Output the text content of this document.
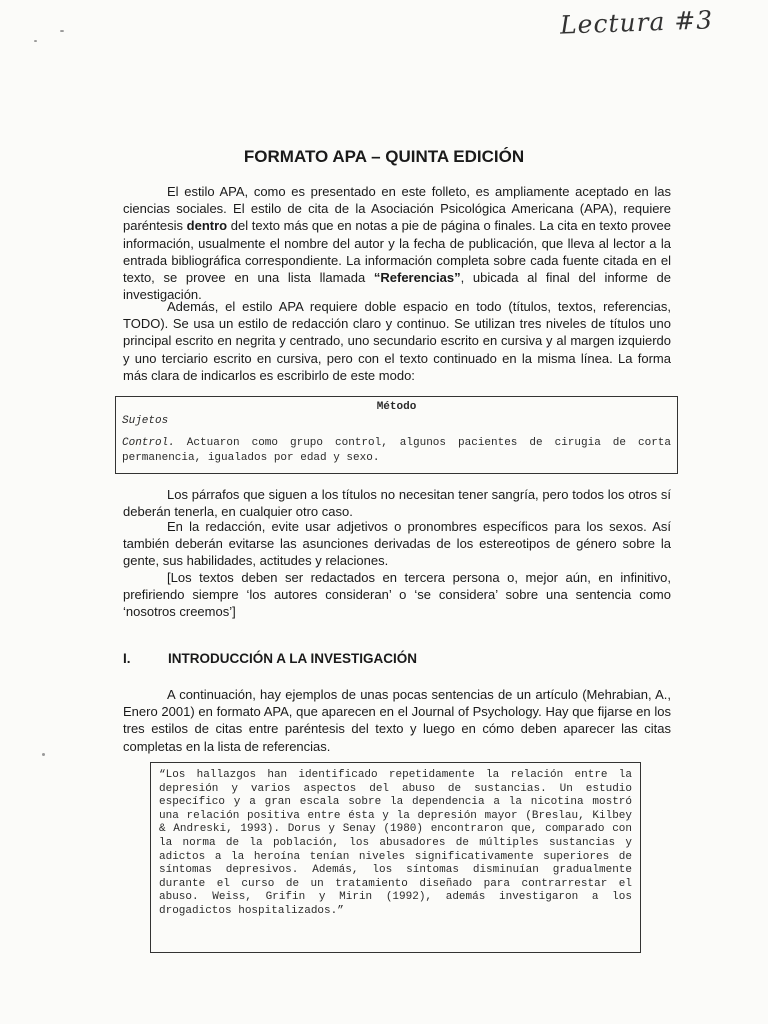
Lectura #3
FORMATO APA – QUINTA EDICIÓN
El estilo APA, como es presentado en este folleto, es ampliamente aceptado en las ciencias sociales. El estilo de cita de la Asociación Psicológica Americana (APA), requiere paréntesis dentro del texto más que en notas a pie de página o finales. La cita en texto provee información, usualmente el nombre del autor y la fecha de publicación, que lleva al lector a la entrada bibliográfica correspondiente. La información completa sobre cada fuente citada en el texto, se provee en una lista llamada “Referencias”, ubicada al final del informe de investigación.
Además, el estilo APA requiere doble espacio en todo (títulos, textos, referencias, TODO). Se usa un estilo de redacción claro y continuo. Se utilizan tres niveles de títulos uno principal escrito en negrita y centrado, uno secundario escrito en cursiva y al margen izquierdo y uno terciario escrito en cursiva, pero con el texto continuado en la misma línea. La forma más clara de indicarlos es escribirlo de este modo:
Método
Sujetos
Control. Actuaron como grupo control, algunos pacientes de cirugia de corta permanencia, igualados por edad y sexo.
Los párrafos que siguen a los títulos no necesitan tener sangría, pero todos los otros sí deberán tenerla, en cualquier otro caso.
En la redacción, evite usar adjetivos o pronombres específicos para los sexos. Así también deberán evitarse las asunciones derivadas de los estereotipos de género sobre la gente, sus habilidades, actitudes y relaciones.
[Los textos deben ser redactados en tercera persona o, mejor aún, en infinitivo, prefiriendo siempre ‘los autores consideran’ o ‘se considera’ sobre una sentencia como ‘nosotros creemos’]
I.	INTRODUCCIÓN A LA INVESTIGACIÓN
A continuación, hay ejemplos de unas pocas sentencias de un artículo (Mehrabian, A., Enero 2001) en formato APA, que aparecen en el Journal of Psychology. Hay que fijarse en los tres estilos de citas entre paréntesis del texto y luego en cómo deben aparecer las citas completas en la lista de referencias.
“Los hallazgos han identificado repetidamente la relación entre la depresión y varios aspectos del abuso de sustancias. Un estudio específico y a gran escala sobre la dependencia a la nicotina mostró una relación positiva entre ésta y la depresión mayor (Breslau, Kilbey & Andreski, 1993). Dorus y Senay (1980) encontraron que, comparado con la norma de la población, los abusadores de múltiples sustancias y adictos a la heroína tenían niveles significativamente superiores de síntomas depresivos. Además, los síntomas disminuían gradualmente durante el curso de un tratamiento diseñado para contrarrestar el abuso. Weiss, Grifin y Mirin (1992), además investigaron a los drogadictos hospitalizados.”
